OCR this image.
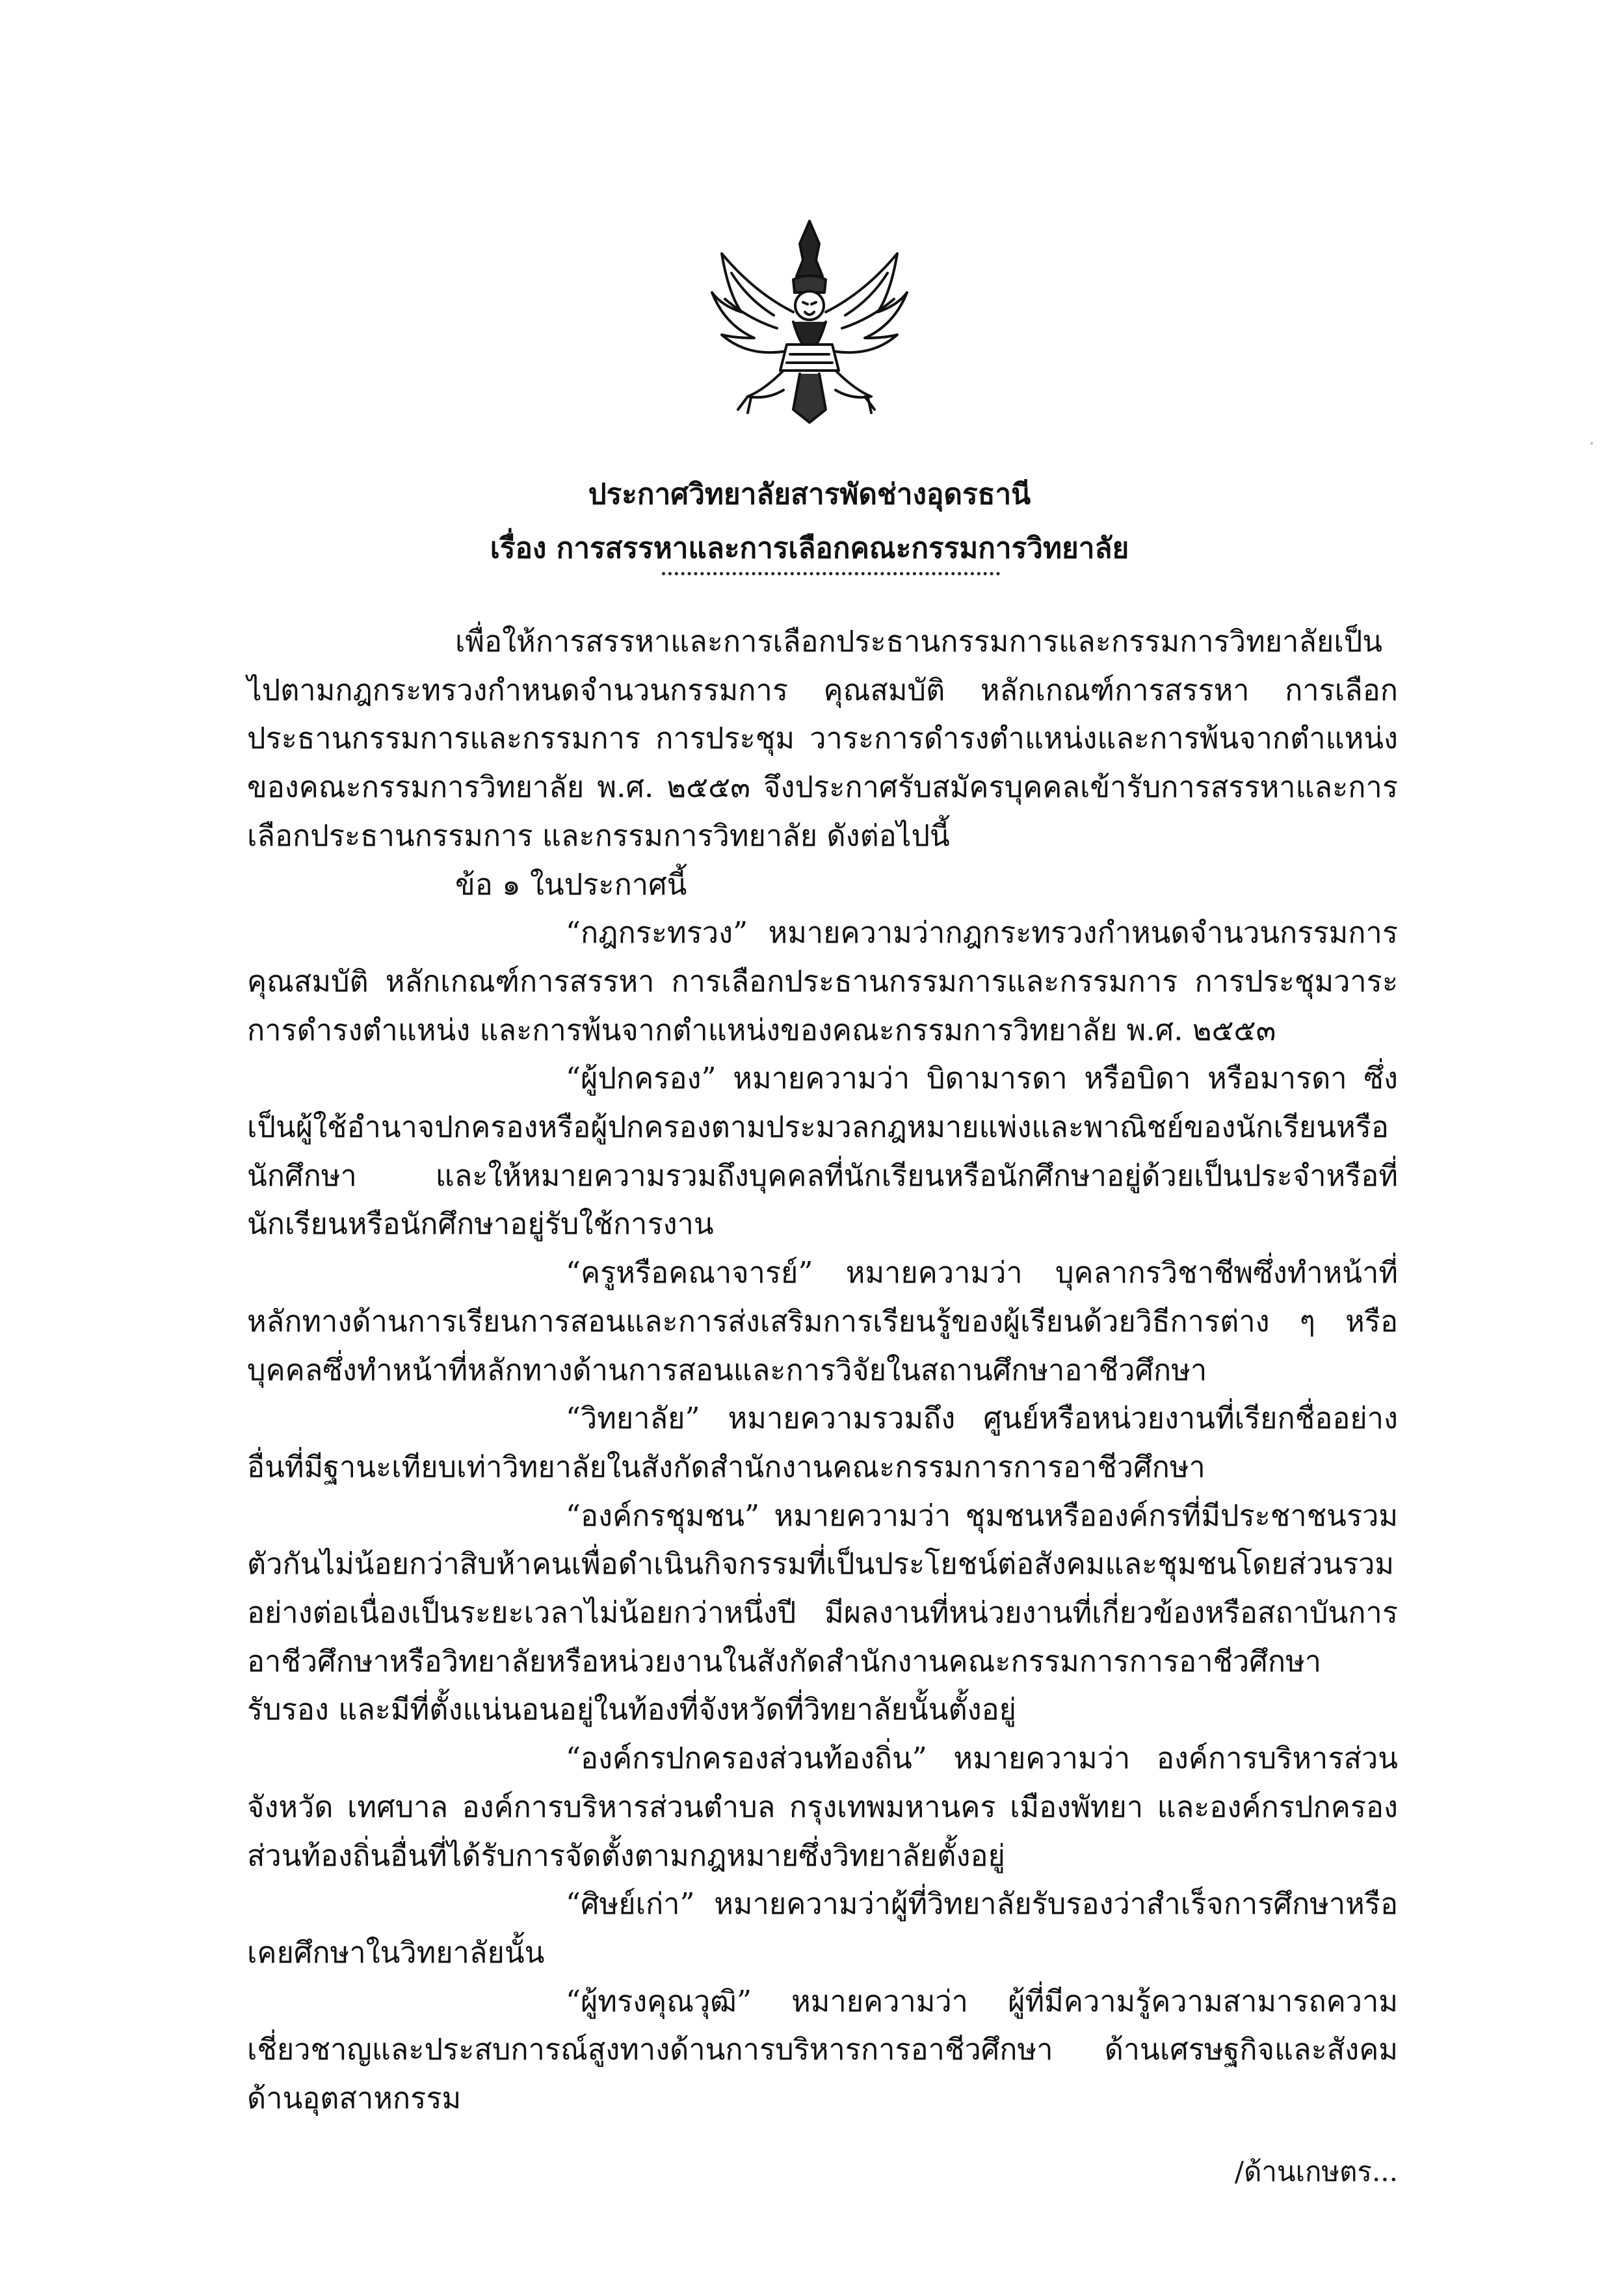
ประกาศวิทยาลัยสารพัดช่างอุดรธานี
เรื่อง การสรรหาและการเลือกคณะกรรมการวิทยาลัย

เพื่อให้การสรรหาและการเลือกประธานกรรมการและกรรมการวิทยาลัยเป็นไปตามกฎกระทรวงกำหนดจำนวนกรรมการ คุณสมบัติ หลักเกณฑ์การสรรหา การเลือกประธานกรรมการและกรรมการ การประชุม วาระการดำรงตำแหน่งและการพ้นจากตำแหน่งของคณะกรรมการวิทยาลัย พ.ศ. ๒๕๕๓ จึงประกาศรับสมัครบุคคลเข้ารับการสรรหาและการเลือกประธานกรรมการ และกรรมการวิทยาลัย ดังต่อไปนี้

ข้อ ๑ ในประกาศนี้

“กฎกระทรวง” หมายความว่ากฎกระทรวงกำหนดจำนวนกรรมการคุณสมบัติ หลักเกณฑ์การสรรหา การเลือกประธานกรรมการและกรรมการ การประชุมวาระการดำรงตำแหน่ง และการพ้นจากตำแหน่งของคณะกรรมการวิทยาลัย พ.ศ. ๒๕๕๓

“ผู้ปกครอง” หมายความว่า บิดามารดา หรือบิดา หรือมารดา ซึ่งเป็นผู้ใช้อำนาจปกครองหรือผู้ปกครองตามประมวลกฎหมายแพ่งและพาณิชย์ของนักเรียนหรือนักศึกษา และให้หมายความรวมถึงบุคคลที่นักเรียนหรือนักศึกษาอยู่ด้วยเป็นประจำหรือที่นักเรียนหรือนักศึกษาอยู่รับใช้การงาน

“ครูหรือคณาจารย์” หมายความว่า บุคลากรวิชาชีพซึ่งทำหน้าที่หลักทางด้านการเรียนการสอนและการส่งเสริมการเรียนรู้ของผู้เรียนด้วยวิธีการต่าง ๆ หรือบุคคลซึ่งทำหน้าที่หลักทางด้านการสอนและการวิจัยในสถานศึกษาอาชีวศึกษา

“วิทยาลัย” หมายความรวมถึง ศูนย์หรือหน่วยงานที่เรียกชื่ออย่างอื่นที่มีฐานะเทียบเท่าวิทยาลัยในสังกัดสำนักงานคณะกรรมการการอาชีวศึกษา

“องค์กรชุมชน” หมายความว่า ชุมชนหรือองค์กรที่มีประชาชนรวมตัวกันไม่น้อยกว่าสิบห้าคนเพื่อดำเนินกิจกรรมที่เป็นประโยชน์ต่อสังคมและชุมชนโดยส่วนรวมอย่างต่อเนื่องเป็นระยะเวลาไม่น้อยกว่าหนึ่งปี มีผลงานที่หน่วยงานที่เกี่ยวข้องหรือสถาบันการอาชีวศึกษาหรือวิทยาลัยหรือหน่วยงานในสังกัดสำนักงานคณะกรรมการการอาชีวศึกษารับรอง และมีที่ตั้งแน่นอนอยู่ในท้องที่จังหวัดที่วิทยาลัยนั้นตั้งอยู่

“องค์กรปกครองส่วนท้องถิ่น” หมายความว่า องค์การบริหารส่วนจังหวัด เทศบาล องค์การบริหารส่วนตำบล กรุงเทพมหานคร เมืองพัทยา และองค์กรปกครองส่วนท้องถิ่นอื่นที่ได้รับการจัดตั้งตามกฎหมายซึ่งวิทยาลัยตั้งอยู่

“ศิษย์เก่า” หมายความว่าผู้ที่วิทยาลัยรับรองว่าสำเร็จการศึกษาหรือเคยศึกษาในวิทยาลัยนั้น

“ผู้ทรงคุณวุฒิ” หมายความว่า ผู้ที่มีความรู้ความสามารถความเชี่ยวชาญและประสบการณ์สูงทางด้านการบริหารการอาชีวศึกษา ด้านเศรษฐกิจและสังคม ด้านอุตสาหกรรม

/ด้านเกษตร...
